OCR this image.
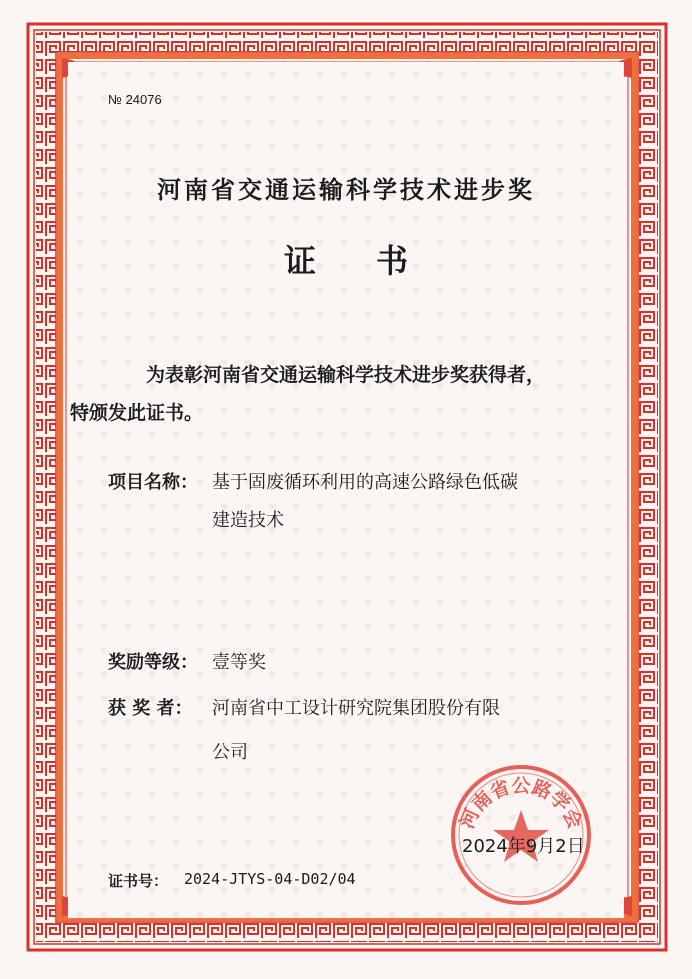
№ 24076
河南省交通运输科学技术进步奖
证书
为表彰河南省交通运输科学技术进步奖获得者，
特颁发此证书。
项目名称： 基于固废循环利用的高速公路绿色低碳
建造技术
奖励等级： 壹等奖
获 奖 者： 河南省中工设计研究院集团股份有限
公司
河南省公路学会
2024年9月2日
证书号： 2024-JTYS-04-D02/04
